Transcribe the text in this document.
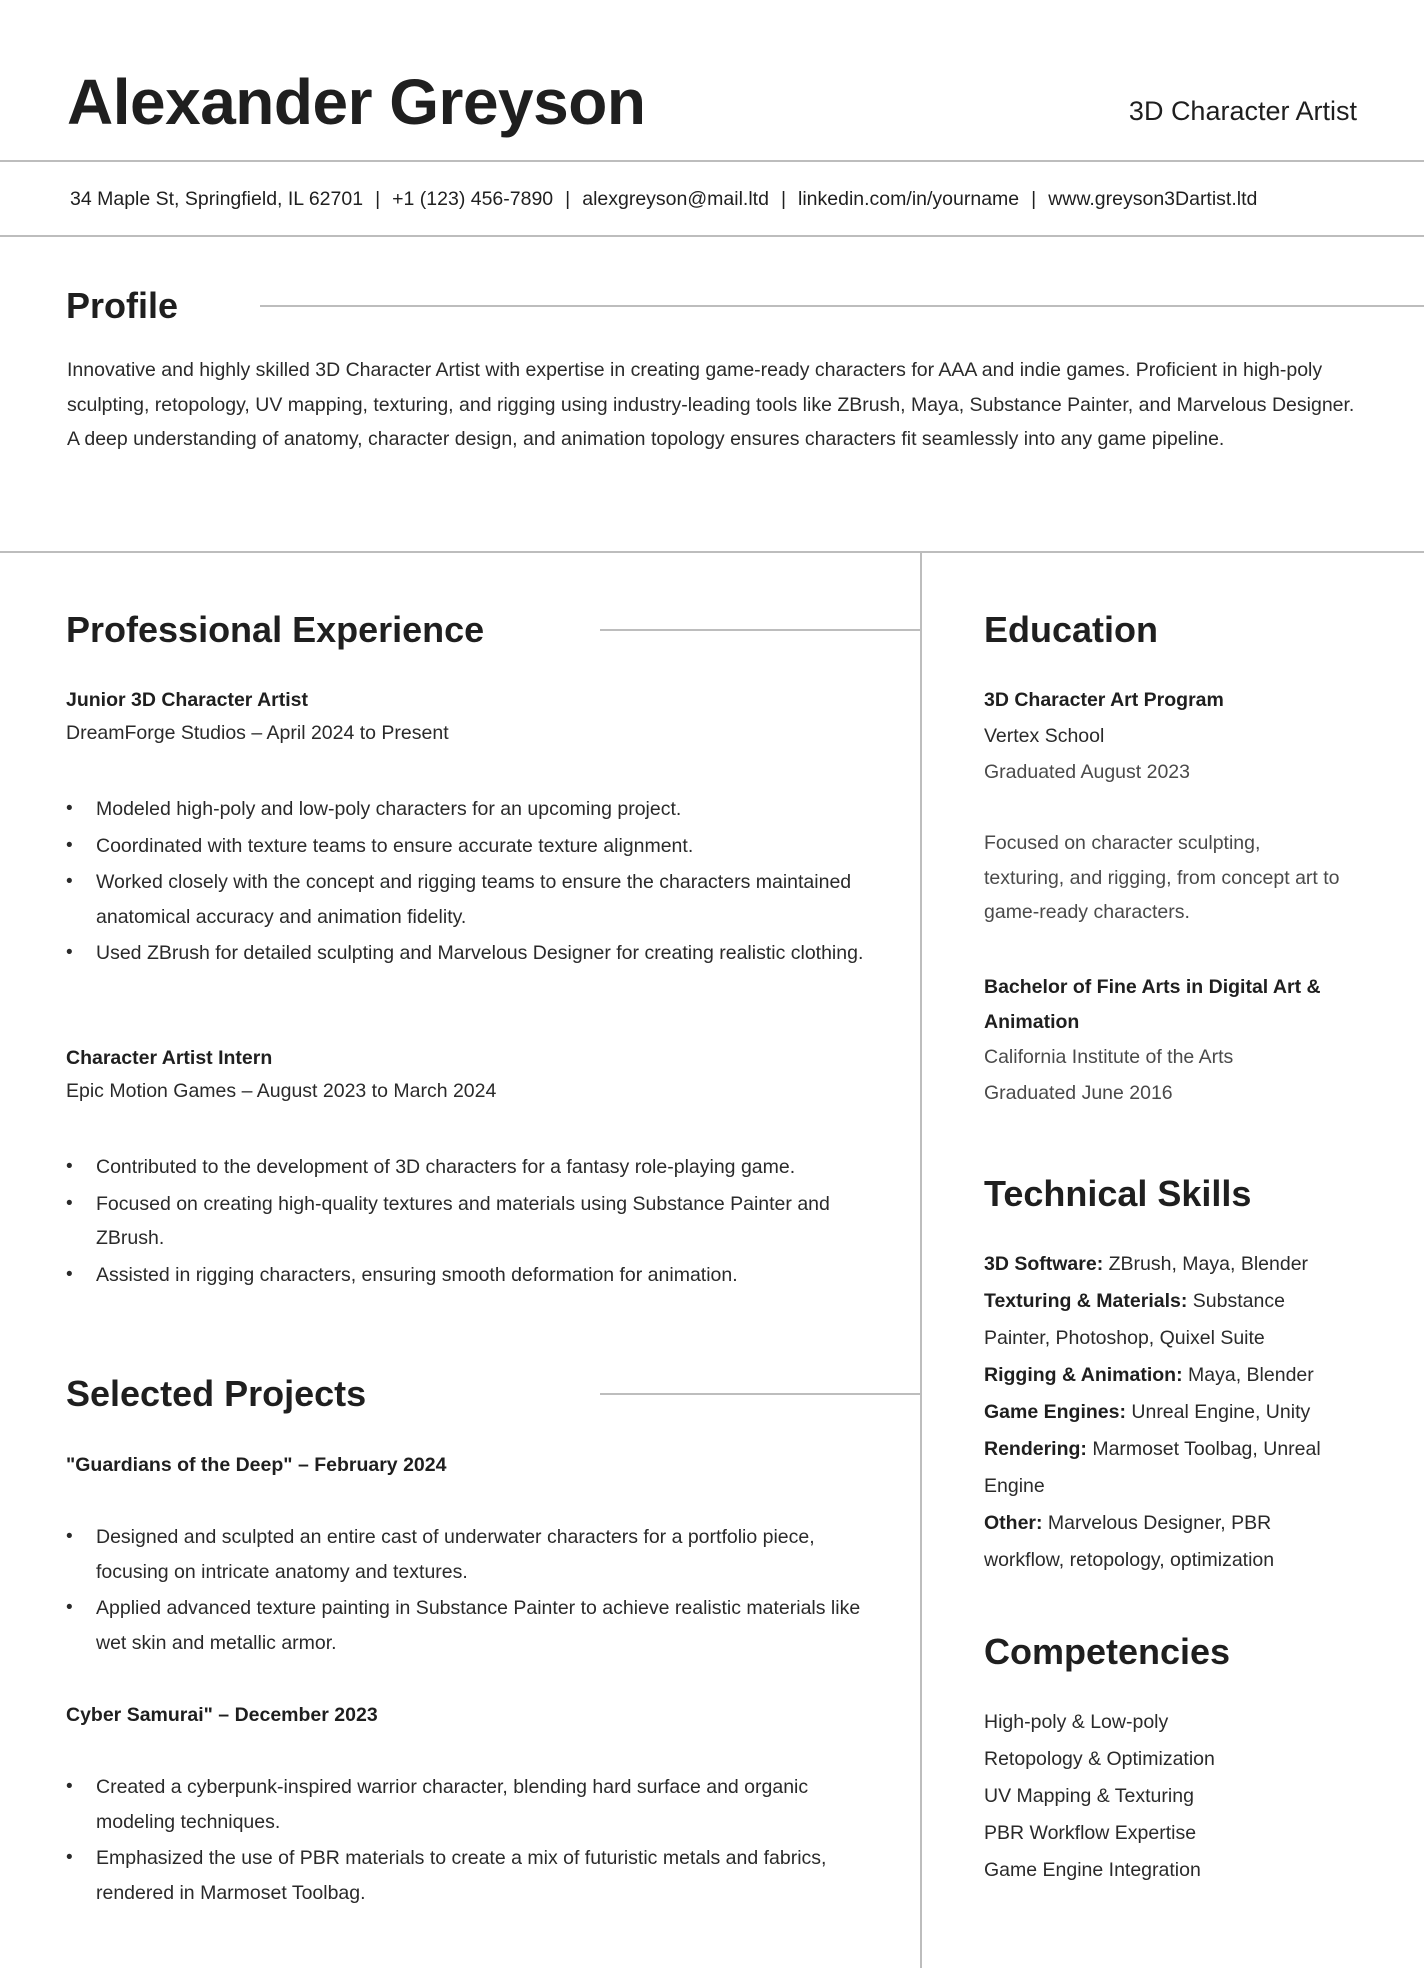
Alexander Greyson	3D Character Artist
34 Maple St, Springfield, IL 62701 | +1 (123) 456-7890 | alexgreyson@mail.ltd | linkedin.com/in/yourname | www.greyson3Dartist.ltd
Profile

Innovative and highly skilled 3D Character Artist with expertise in creating game-ready characters for AAA and indie games. Proficient in high-poly sculpting, retopology, UV mapping, texturing, and rigging using industry-leading tools like ZBrush, Maya, Substance Painter, and Marvelous Designer. A deep understanding of anatomy, character design, and animation topology ensures characters fit seamlessly into any game pipeline.

Professional Experience

Junior 3D Character Artist

DreamForge Studios – April 2024 to Present

• Modeled high-poly and low-poly characters for an upcoming project.
• Coordinated with texture teams to ensure accurate texture alignment.
• Worked closely with the concept and rigging teams to ensure the characters maintained anatomical accuracy and animation fidelity.
• Used ZBrush for detailed sculpting and Marvelous Designer for creating realistic clothing.

Character Artist Intern

Epic Motion Games – August 2023 to March 2024

• Contributed to the development of 3D characters for a fantasy role-playing game.
• Focused on creating high-quality textures and materials using Substance Painter and ZBrush.
• Assisted in rigging characters, ensuring smooth deformation for animation.
Selected Projects

"Guardians of the Deep" – February 2024

• Designed and sculpted an entire cast of underwater characters for a portfolio piece, focusing on intricate anatomy and textures.
• Applied advanced texture painting in Substance Painter to achieve realistic materials like wet skin and metallic armor.

Cyber Samurai" – December 2023

• Created a cyberpunk-inspired warrior character, blending hard surface and organic modeling techniques.
• Emphasized the use of PBR materials to create a mix of futuristic metals and fabrics, rendered in Marmoset Toolbag.
Education

3D Character Art Program

Vertex School

Graduated August 2023

Focused on character sculpting, texturing, and rigging, from concept art to game-ready characters.

Bachelor of Fine Arts in Digital Art & Animation

California Institute of the Arts

Graduated June 2016

Technical Skills

3D Software: ZBrush, Maya, Blender

Texturing & Materials: Substance Painter, Photoshop, Quixel Suite

Rigging & Animation: Maya, Blender

Game Engines: Unreal Engine, Unity

Rendering: Marmoset Toolbag, Unreal Engine

Other: Marvelous Designer, PBR workflow, retopology, optimization

Competencies

High-poly & Low-poly

Retopology & Optimization

UV Mapping & Texturing

PBR Workflow Expertise

Game Engine Integration
